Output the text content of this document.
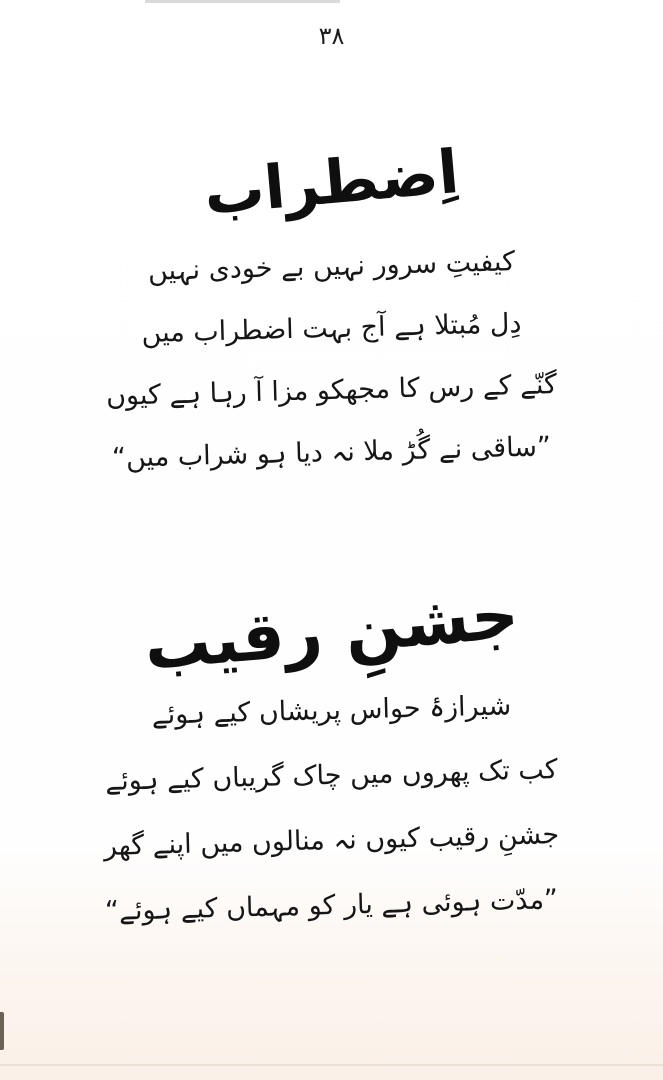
۳۸
اِضطراب
کیفیتِ سرور نہیں بے خودی نہیں
دِل مُبتلا ہے آج بہت اضطراب میں
گنّے کے رس کا مجھکو مزا آ رہا ہے کیوں
”ساقی نے گُڑ ملا نہ دیا ہو شراب میں“
جشنِ رقیب
شیرازۂ حواس پریشاں کیے ہوئے
کب تک پھروں میں چاک گریباں کیے ہوئے
جشنِ رقیب کیوں نہ منالوں میں اپنے گھر
”مدّت ہوئی ہے یار کو مہماں کیے ہوئے“
